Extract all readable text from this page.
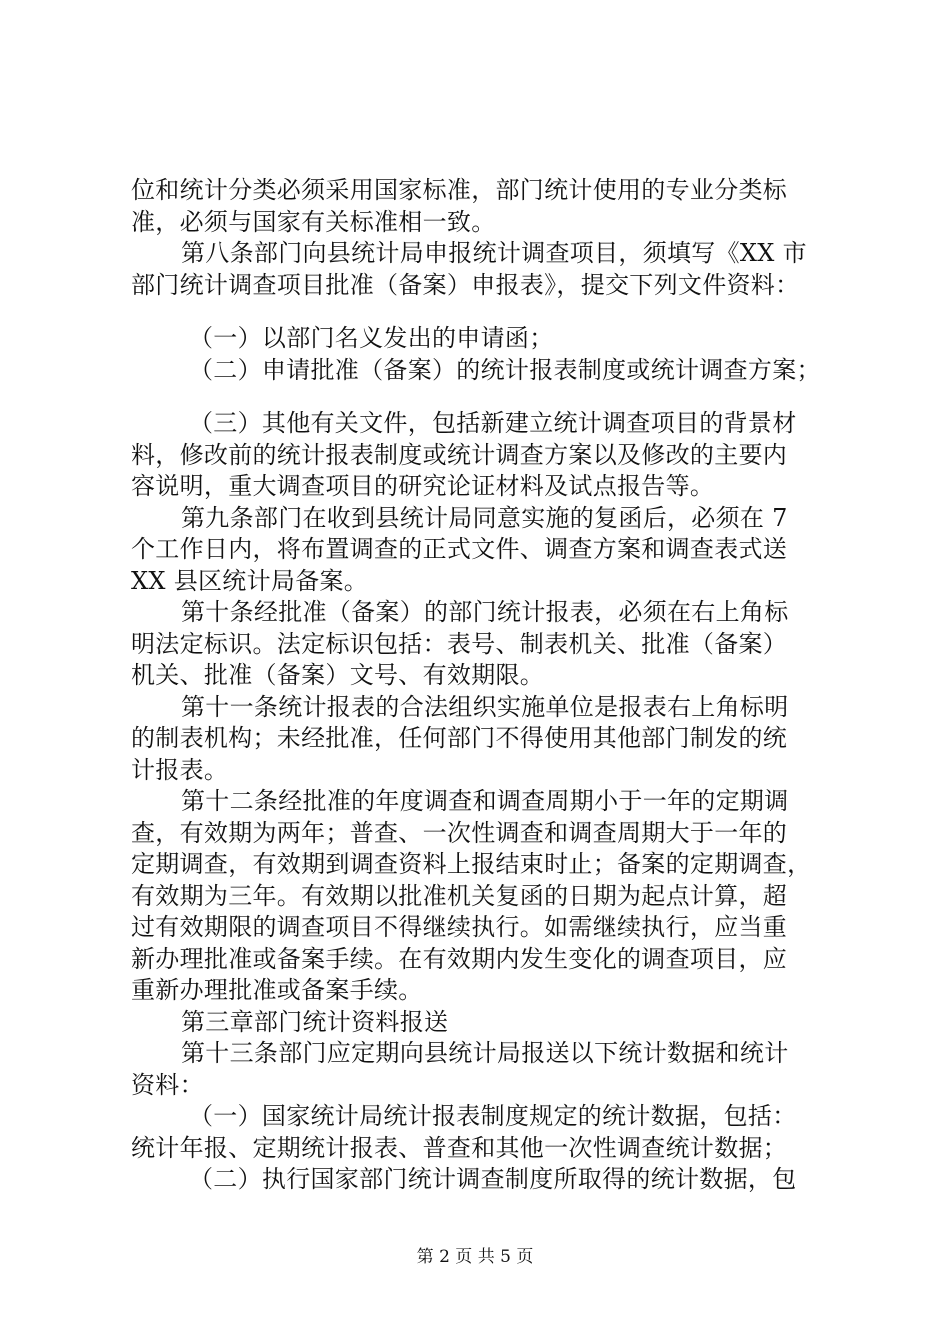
位和统计分类必须采用国家标准，部门统计使用的专业分类标
准，必须与国家有关标准相一致。
第八条部门向县统计局申报统计调查项目，须填写《XX 市
部门统计调查项目批准（备案）申报表》，提交下列文件资料：
（一）以部门名义发出的申请函；
（二）申请批准（备案）的统计报表制度或统计调查方案；
（三）其他有关文件，包括新建立统计调查项目的背景材
料，修改前的统计报表制度或统计调查方案以及修改的主要内
容说明，重大调查项目的研究论证材料及试点报告等。
第九条部门在收到县统计局同意实施的复函后，必须在 7
个工作日内，将布置调查的正式文件、调查方案和调查表式送
XX 县区统计局备案。
第十条经批准（备案）的部门统计报表，必须在右上角标
明法定标识。法定标识包括：表号、制表机关、批准（备案）
机关、批准（备案）文号、有效期限。
第十一条统计报表的合法组织实施单位是报表右上角标明
的制表机构；未经批准，任何部门不得使用其他部门制发的统
计报表。
第十二条经批准的年度调查和调查周期小于一年的定期调
查，有效期为两年；普查、一次性调查和调查周期大于一年的
定期调查，有效期到调查资料上报结束时止；备案的定期调查，
有效期为三年。有效期以批准机关复函的日期为起点计算，超
过有效期限的调查项目不得继续执行。如需继续执行，应当重
新办理批准或备案手续。在有效期内发生变化的调查项目，应
重新办理批准或备案手续。
第三章部门统计资料报送
第十三条部门应定期向县统计局报送以下统计数据和统计
资料：
（一）国家统计局统计报表制度规定的统计数据，包括：
统计年报、定期统计报表、普查和其他一次性调查统计数据；
（二）执行国家部门统计调查制度所取得的统计数据，包
第 2 页 共 5 页
